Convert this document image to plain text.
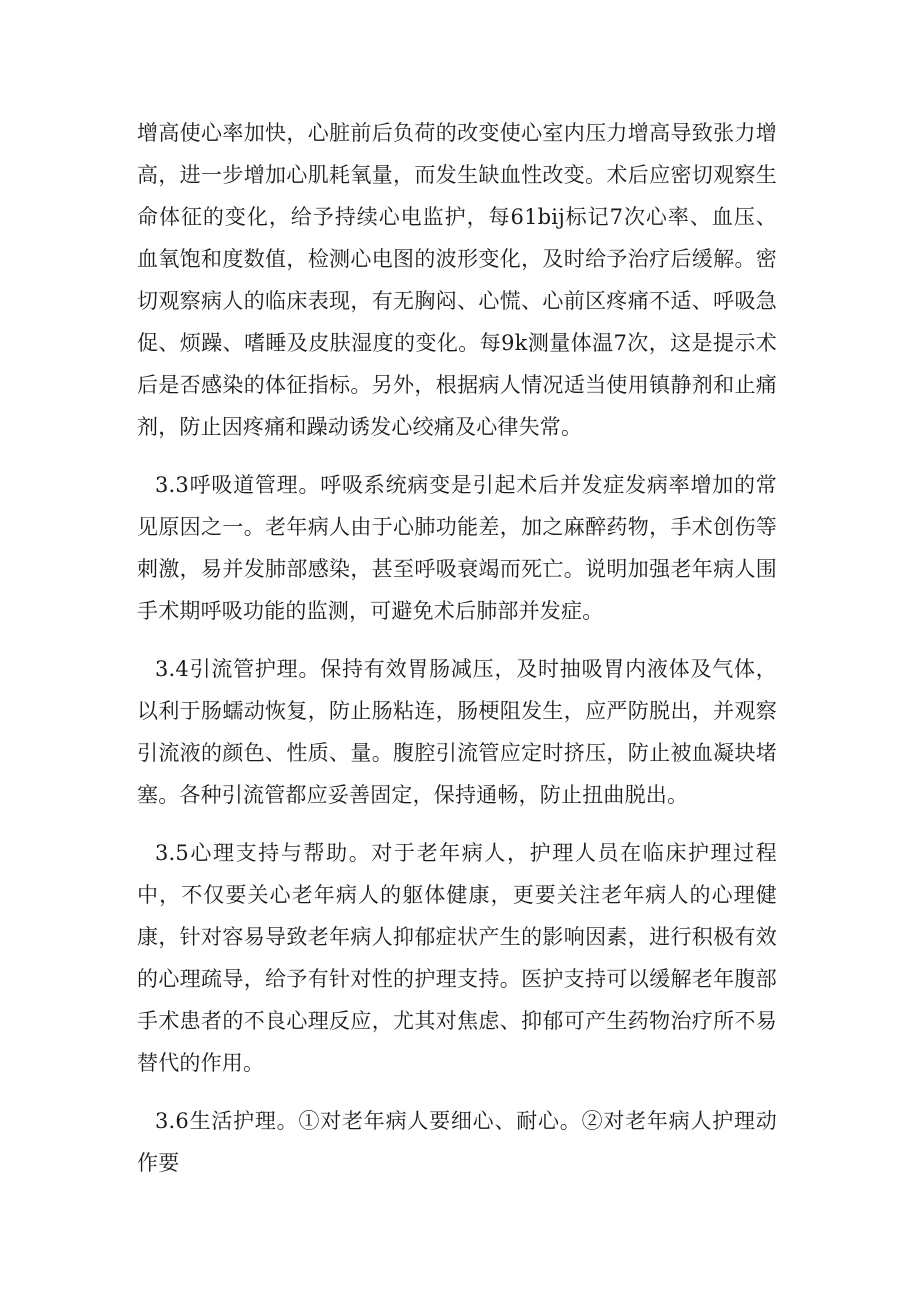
增高使心率加快，心脏前后负荷的改变使心室内压力增高导致张力增高，进一步增加心肌耗氧量，而发生缺血性改变。术后应密切观察生命体征的变化，给予持续心电监护，每61bij标记7次心率、血压、血氧饱和度数值，检测心电图的波形变化，及时给予治疗后缓解。密切观察病人的临床表现，有无胸闷、心慌、心前区疼痛不适、呼吸急促、烦躁、嗜睡及皮肤湿度的变化。每9k测量体温7次，这是提示术后是否感染的体征指标。另外，根据病人情况适当使用镇静剂和止痛剂，防止因疼痛和躁动诱发心绞痛及心律失常。

3.3呼吸道管理。呼吸系统病变是引起术后并发症发病率增加的常见原因之一。老年病人由于心肺功能差，加之麻醉药物，手术创伤等刺激，易并发肺部感染，甚至呼吸衰竭而死亡。说明加强老年病人围手术期呼吸功能的监测，可避免术后肺部并发症。

3.4引流管护理。保持有效胃肠减压，及时抽吸胃内液体及气体，以利于肠蠕动恢复，防止肠粘连，肠梗阻发生，应严防脱出，并观察引流液的颜色、性质、量。腹腔引流管应定时挤压，防止被血凝块堵塞。各种引流管都应妥善固定，保持通畅，防止扭曲脱出。

3.5心理支持与帮助。对于老年病人，护理人员在临床护理过程中，不仅要关心老年病人的躯体健康，更要关注老年病人的心理健康，针对容易导致老年病人抑郁症状产生的影响因素，进行积极有效的心理疏导，给予有针对性的护理支持。医护支持可以缓解老年腹部手术患者的不良心理反应，尤其对焦虑、抑郁可产生药物治疗所不易替代的作用。

3.6生活护理。①对老年病人要细心、耐心。②对老年病人护理动作要
